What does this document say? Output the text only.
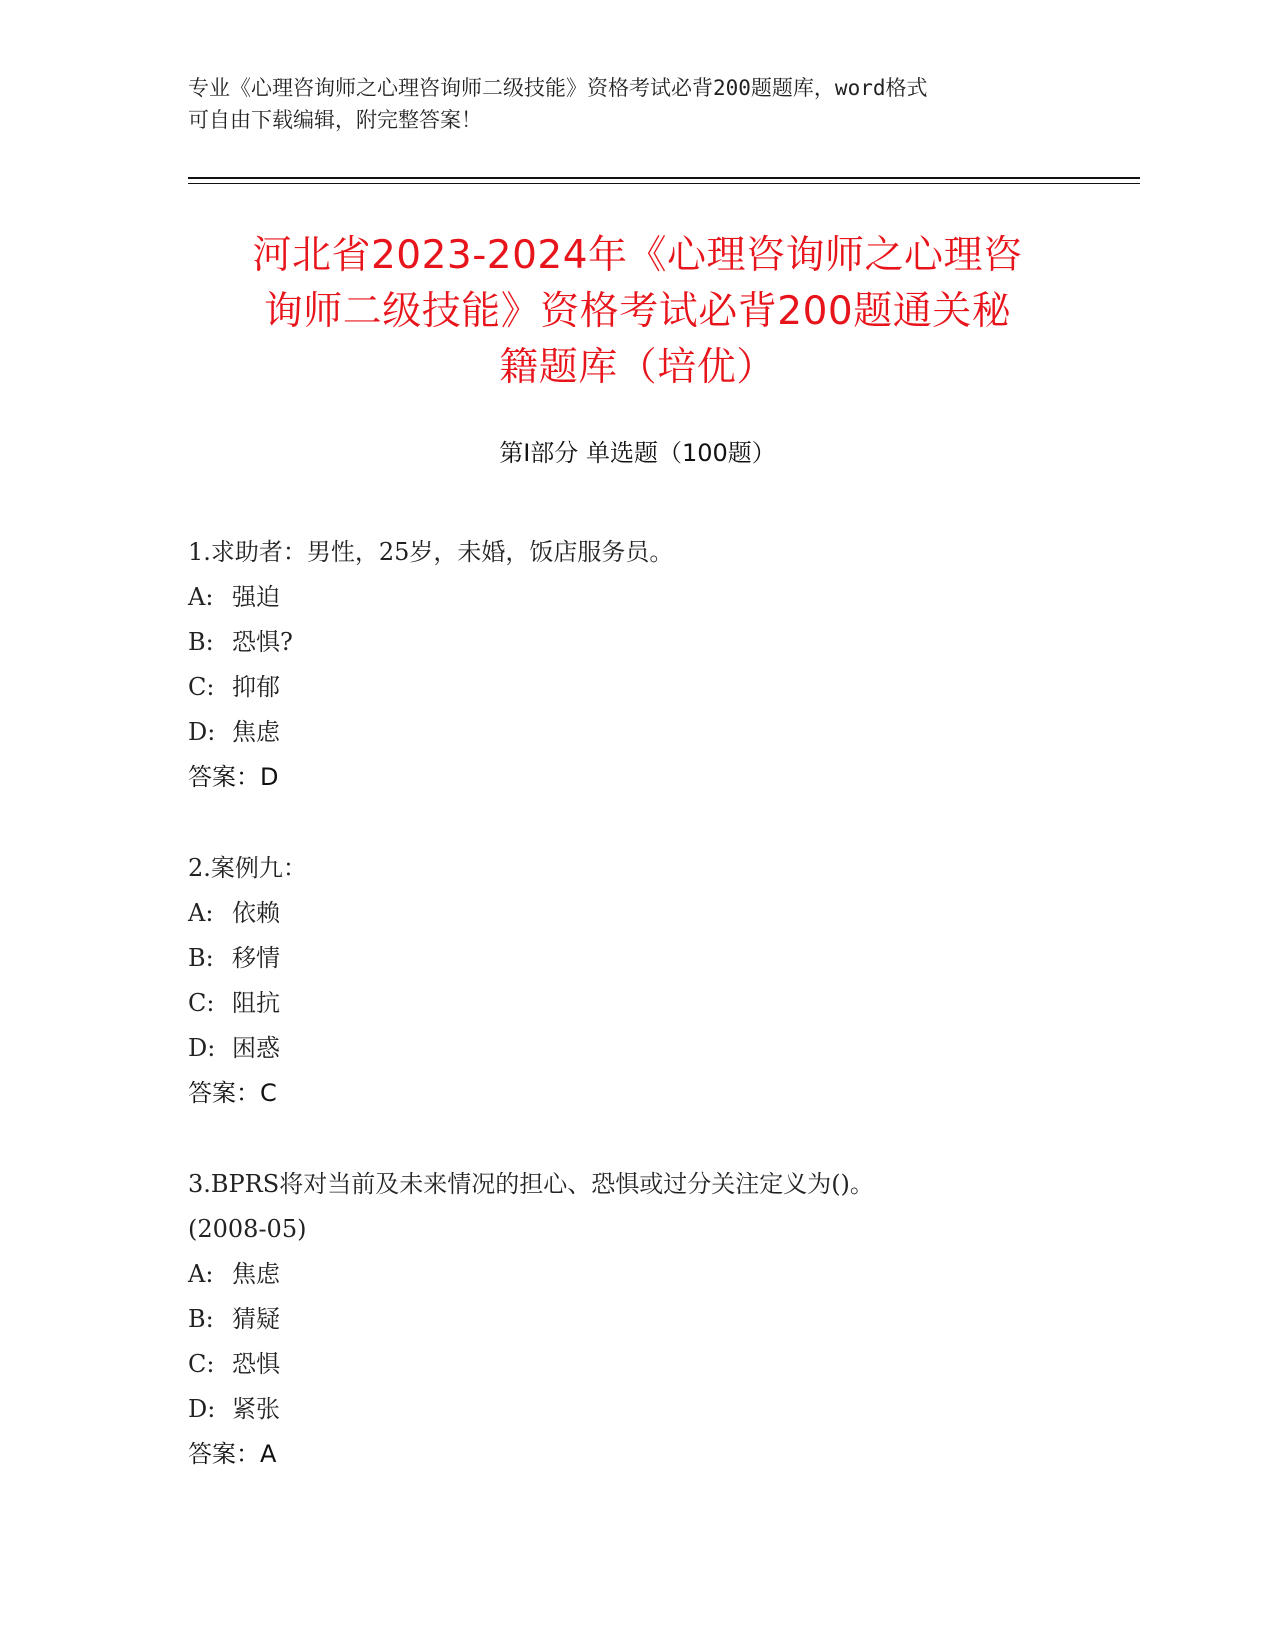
专业《心理咨询师之心理咨询师二级技能》资格考试必背200题题库，word格式
可自由下载编辑，附完整答案！
河北省2023-2024年《心理咨询师之心理咨
询师二级技能》资格考试必背200题通关秘
籍题库（培优）
第I部分 单选题（100题）
1.求助者：男性，25岁，未婚，饭店服务员。
A: 强迫
B: 恐惧?
C: 抑郁
D: 焦虑
答案：D
2.案例九：
A: 依赖
B: 移情
C: 阻抗
D: 困惑
答案：C
3.BPRS将对当前及未来情况的担心、恐惧或过分关注定义为()。
(2008-05)
A: 焦虑
B: 猜疑
C: 恐惧
D: 紧张
答案：A
